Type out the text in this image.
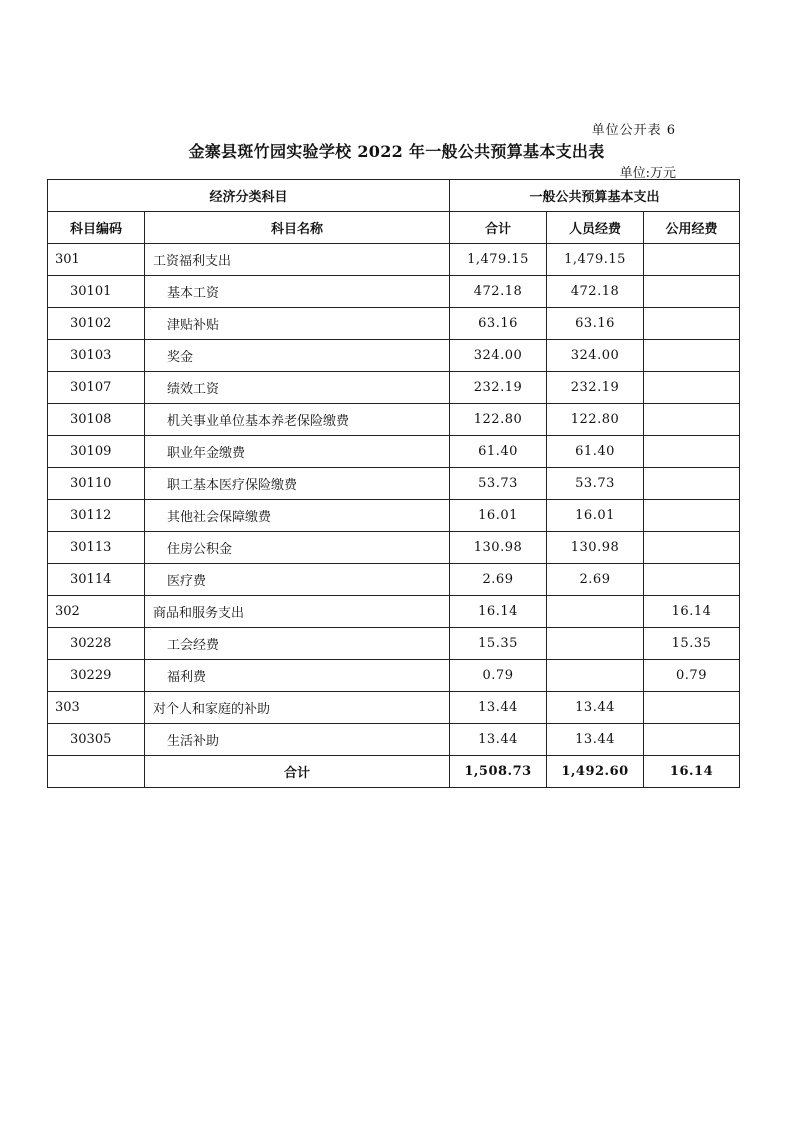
单位公开表 6
金寨县斑竹园实验学校 2022 年一般公共预算基本支出表
单位:万元
经济分类科目		一般公共预算基本支出		
科目编码	科目名称	合计	人员经费	公用经费
301	工资福利支出	1,479.15	1,479.15	
30101	基本工资	472.18	472.18	
30102	津贴补贴	63.16	63.16	
30103	奖金	324.00	324.00	
30107	绩效工资	232.19	232.19	
30108	机关事业单位基本养老保险缴费	122.80	122.80	
30109	职业年金缴费	61.40	61.40	
30110	职工基本医疗保险缴费	53.73	53.73	
30112	其他社会保障缴费	16.01	16.01	
30113	住房公积金	130.98	130.98	
30114	医疗费	2.69	2.69	
302	商品和服务支出	16.14		16.14
30228	工会经费	15.35		15.35
30229	福利费	0.79		0.79
303	对个人和家庭的补助	13.44	13.44	
30305	生活补助	13.44	13.44	
	合计	1,508.73	1,492.60	16.14
